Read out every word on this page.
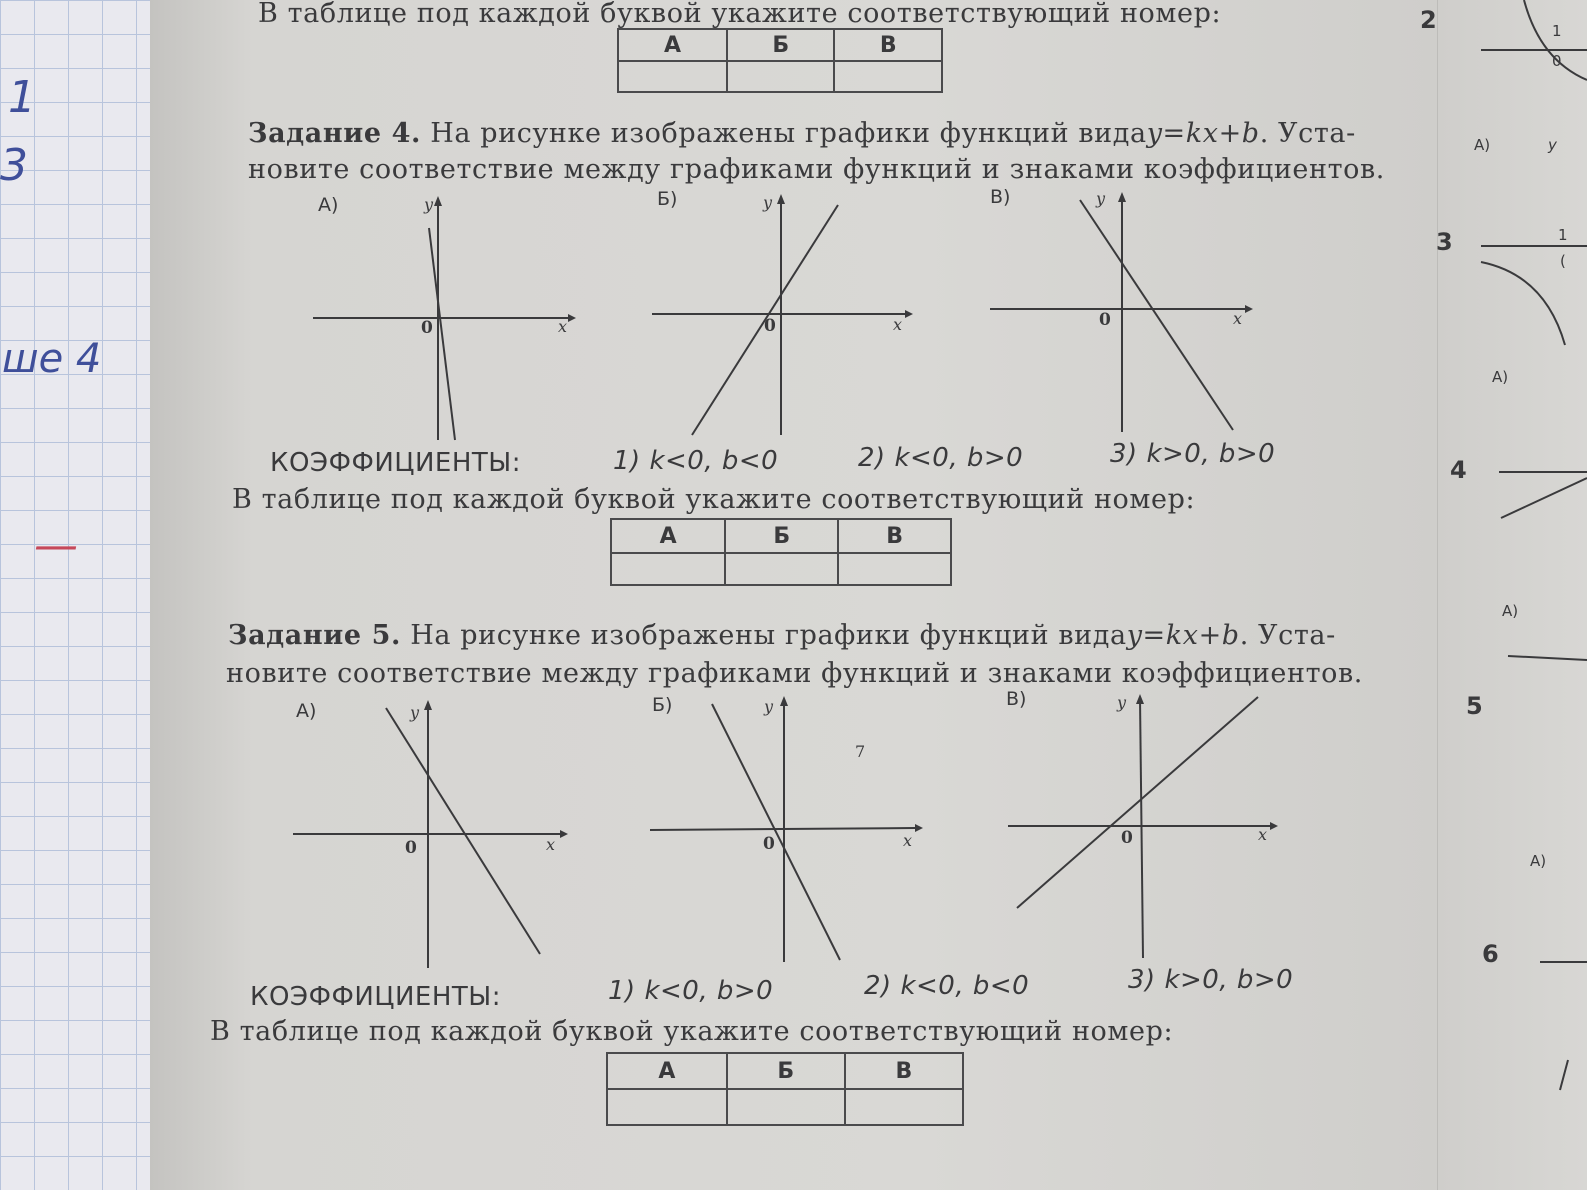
1
3
ше 4
—
В таблице под каждой буквой укажите соответствующий номер:
А	Б	В

Задание 4. На рисунке изображены графики функций видаy=kx+b. Уста-
новите соответствие между графиками функций и знаками коэффициентов.
А)	Б)	В)
y
x
y
x
y
x
y
x
y
x
y
x
0	0	0
0	0	0
7
КОЭФФИЦИЕНТЫ:	1) k<0, b<0	2) k<0, b>0	3) k>0, b>0
В таблице под каждой буквой укажите соответствующий номер:
А	Б	В

Задание 5. На рисунке изображены графики функций видаy=kx+b. Уста-
новите соответствие между графиками функций и знаками коэффициентов.
А)	Б)	В)
КОЭФФИЦИЕНТЫ:	1) k<0, b>0	2) k<0, b<0	3) k>0, b>0
В таблице под каждой буквой укажите соответствующий номер:
А	Б	В

2
3
4
5
6
А)
А)
А)
А)
1
0
y
1
(
